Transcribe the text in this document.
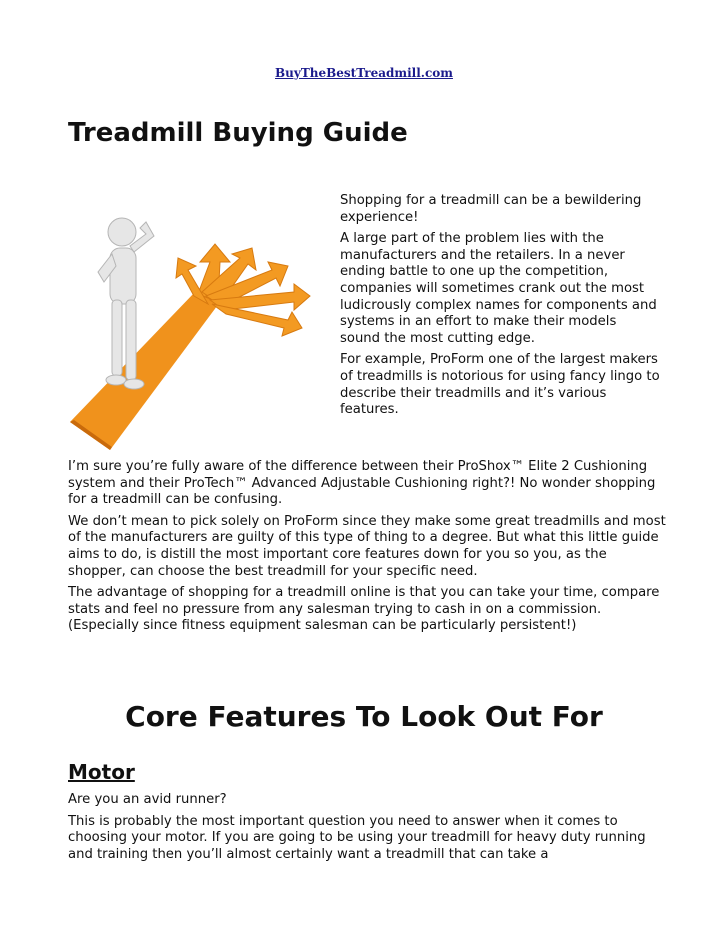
BuyTheBestTreadmill.com
Treadmill Buying Guide

Shopping for a treadmill can be a bewildering experience!

A large part of the problem lies with the manufacturers and the retailers. In a never ending battle to one up the competition, companies will sometimes crank out the most ludicrously complex names for components and systems in an effort to make their models sound the most cutting edge.

For example, ProForm one of the largest makers of treadmills is notorious for using fancy lingo to describe their treadmills and it’s various features.

I’m sure you’re fully aware of the difference between their ProShox™ Elite 2 Cushioning system and their ProTech™ Advanced Adjustable Cushioning right?! No wonder shopping for a treadmill can be confusing.

We don’t mean to pick solely on ProForm since they make some great treadmills and most of the manufacturers are guilty of this type of thing to a degree. But what this little guide aims to do, is distill the most important core features down for you so you, as the shopper, can choose the best treadmill for your specific need.

The advantage of shopping for a treadmill online is that you can take your time, compare stats and feel no pressure from any salesman trying to cash in on a commission. (Especially since fitness equipment salesman can be particularly persistent!)

Core Features To Look Out For
Motor

Are you an avid runner?

This is probably the most important question you need to answer when it comes to choosing your motor. If you are going to be using your treadmill for heavy duty running and training then you’ll almost certainly want a treadmill that can take a
